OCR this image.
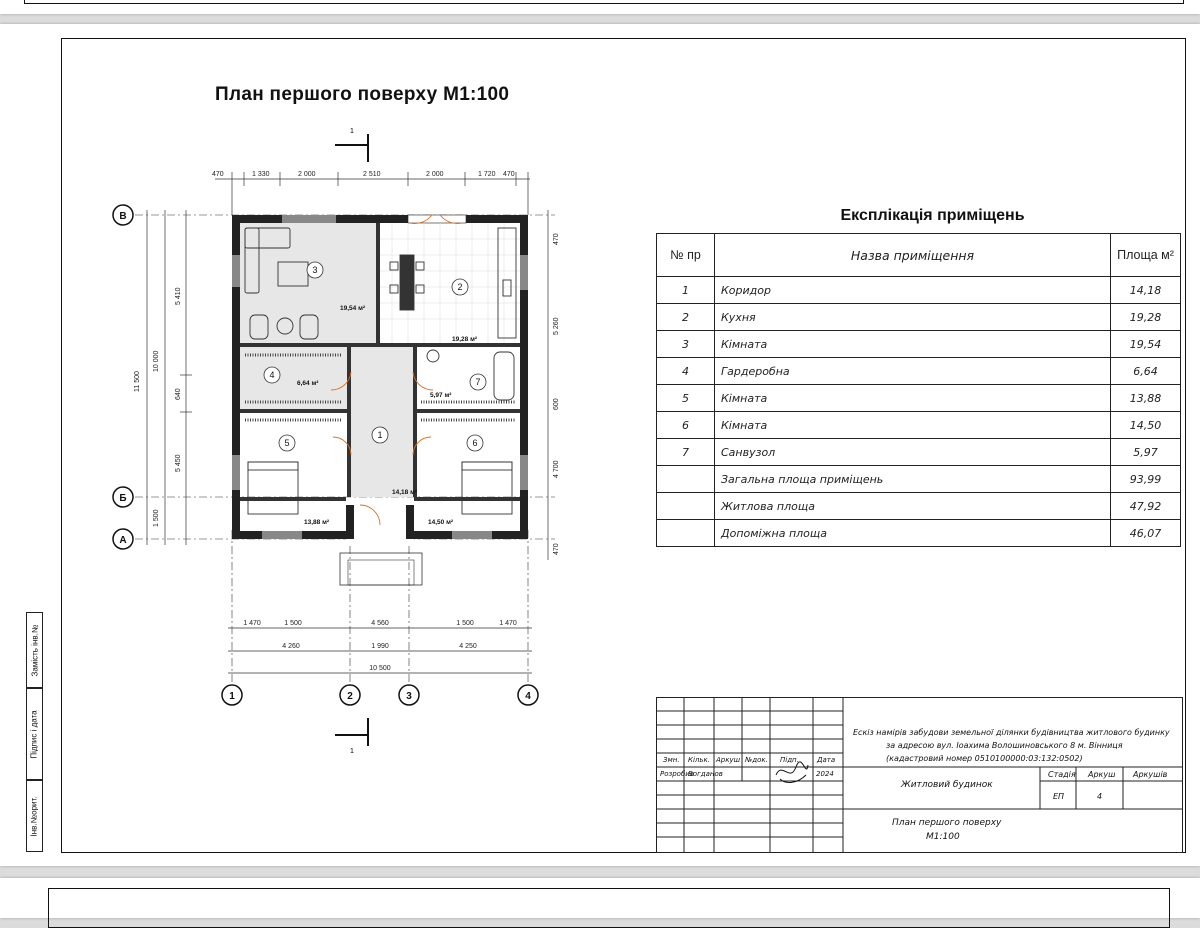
План першого поверху М1:100
1
1
470	1 330	2 000	2 510	2 000	1 720 470
В
Б
А
1	2	3	4
11 500
10 000
5 410
640
5 450
1 500
470
5 260
600
4 700
470
1 470	1 500	4 560	1 500	1 470
4 260	1 990	4 250
10 500
1
2
3
4
5	6
7
14,18 м²
19,28 м²
19,54 м²
6,64 м²
13,88 м²	14,50 м²
5,97 м²
Експлікація приміщень
№ пр	Назва приміщення	Площа м²
1	Коридор	14,18
2	Кухня	19,28
3	Кімната	19,54
4	Гардеробна	6,64
5	Кімната	13,88
6	Кімната	14,50
7	Санвузол	5,97
	Загальна площа приміщень	93,99
	Житлова площа	47,92
	Допоміжна площа	46,07
Інв.№орит.
Підпис і дата
Замість інв.№
Ескіз намірів забудови земельної ділянки будівництва житлового будинку
за адресою вул. Іоахима Волошиновського 8 м. Вінниця
(кадастровий номер 0510100000:03:132:0502)
Змн. Кільк. Аркуш №док. Підп.	Дата
Розробив
Богданов	2024
Житловий будинок
Стадія Аркуш Аркушів
ЕП	4
План першого поверху
М1:100
